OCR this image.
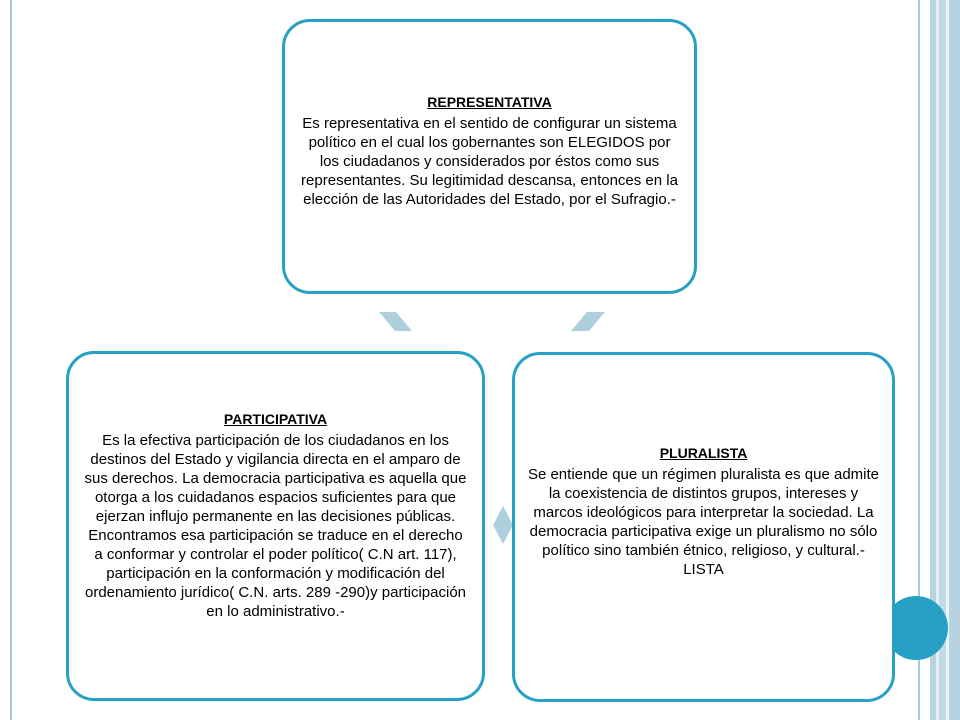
REPRESENTATIVA
Es representativa en el sentido de configurar un sistema político en el cual los gobernantes son ELEGIDOS por los ciudadanos y considerados por éstos como sus representantes. Su legitimidad descansa, entonces en la elección de las Autoridades del Estado, por el Sufragio.-
PARTICIPATIVA
Es la efectiva participación de los ciudadanos en los destinos del Estado y vigilancia directa en el amparo de sus derechos. La democracia participativa es aquella que otorga a los cuidadanos espacios suficientes para que ejerzan influjo permanente en las decisiones públicas. Encontramos esa participación se traduce en el derecho a conformar y controlar el poder político( C.N art. 117), participación en la conformación y modificación del ordenamiento jurídico( C.N. arts. 289 -290)y participación en lo administrativo.-
PLURALISTA
Se entiende que un régimen pluralista es que admite la coexistencia de distintos grupos, intereses y marcos ideológicos para interpretar la sociedad. La democracia participativa exige un pluralismo no sólo político sino también étnico, religioso, y cultural.-LISTA
